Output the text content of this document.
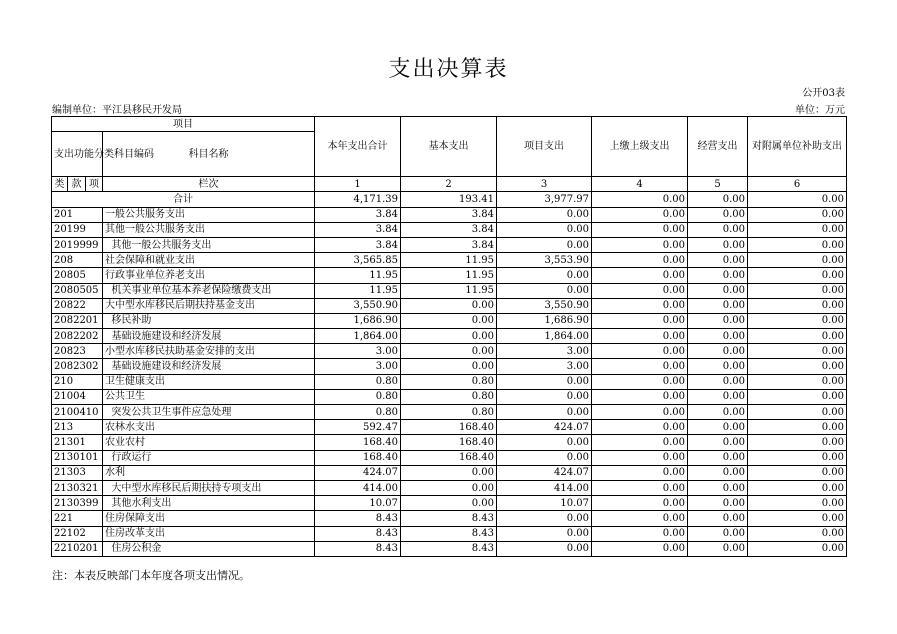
支出决算表
公开03表
编制单位：平江县移民开发局	单位：万元
项目				本年支出合计	基本支出	项目支出	上缴上级支出	经营支出	对附属单位补助支出
支出功能分类科目编码			科目名称						
类	款	项	栏次						
				1	2	3	4	5	6
合计				4,171.39	193.41	3,977.97	0.00	0.00	0.00
201			一般公共服务支出	3.84	3.84	0.00	0.00	0.00	0.00
20199			其他一般公共服务支出	3.84	3.84	0.00	0.00	0.00	0.00
2019999			其他一般公共服务支出	3.84	3.84	0.00	0.00	0.00	0.00
208			社会保障和就业支出	3,565.85	11.95	3,553.90	0.00	0.00	0.00
20805			行政事业单位养老支出	11.95	11.95	0.00	0.00	0.00	0.00
2080505			机关事业单位基本养老保险缴费支出	11.95	11.95	0.00	0.00	0.00	0.00
20822			大中型水库移民后期扶持基金支出	3,550.90	0.00	3,550.90	0.00	0.00	0.00
2082201			移民补助	1,686.90	0.00	1,686.90	0.00	0.00	0.00
2082202			基础设施建设和经济发展	1,864.00	0.00	1,864.00	0.00	0.00	0.00
20823			小型水库移民扶助基金安排的支出	3.00	0.00	3.00	0.00	0.00	0.00
2082302			基础设施建设和经济发展	3.00	0.00	3.00	0.00	0.00	0.00
210			卫生健康支出	0.80	0.80	0.00	0.00	0.00	0.00
21004			公共卫生	0.80	0.80	0.00	0.00	0.00	0.00
2100410			突发公共卫生事件应急处理	0.80	0.80	0.00	0.00	0.00	0.00
213			农林水支出	592.47	168.40	424.07	0.00	0.00	0.00
21301			农业农村	168.40	168.40	0.00	0.00	0.00	0.00
2130101			行政运行	168.40	168.40	0.00	0.00	0.00	0.00
21303			水利	424.07	0.00	424.07	0.00	0.00	0.00
2130321			大中型水库移民后期扶持专项支出	414.00	0.00	414.00	0.00	0.00	0.00
2130399			其他水利支出	10.07	0.00	10.07	0.00	0.00	0.00
221			住房保障支出	8.43	8.43	0.00	0.00	0.00	0.00
22102			住房改革支出	8.43	8.43	0.00	0.00	0.00	0.00
2210201			住房公积金	8.43	8.43	0.00	0.00	0.00	0.00
注：本表反映部门本年度各项支出情况。
